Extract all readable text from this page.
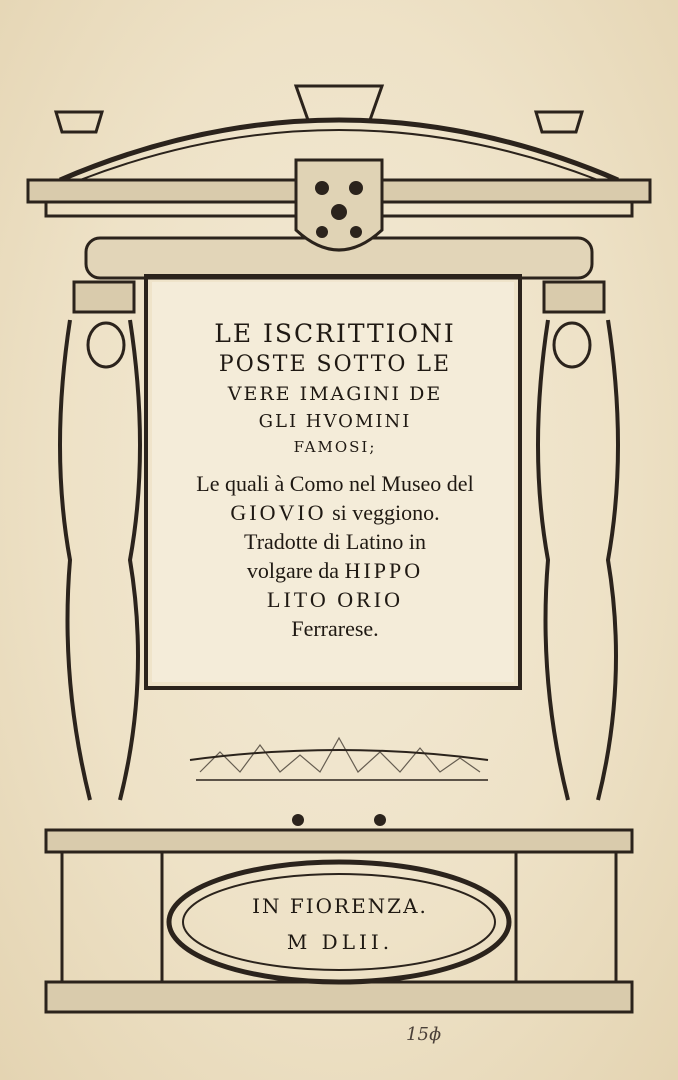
LE ISCRITTIONI
POSTE SOTTO LE
VERE IMAGINI DE
GLI HVOMINI
FAMOSI;
Le quali à Como nel Museo del
GIOVIO si veggiono.
Tradotte di Latino in
volgare da HIPPO
LITO ORIO
Ferrarese.
IN FIORENZA.
M DLII.
15ɸ
